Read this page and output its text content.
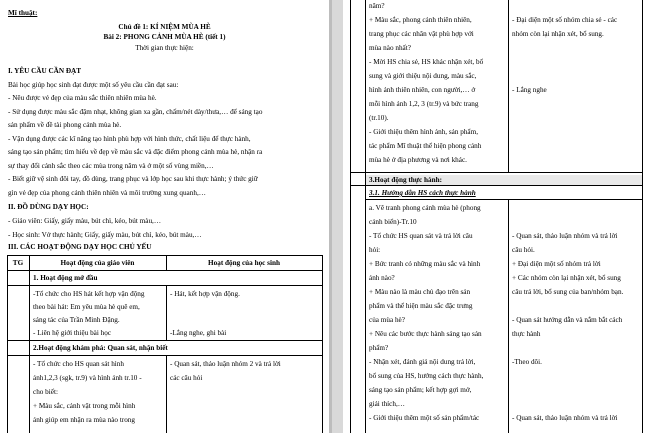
Mĩ thuật:
Chủ đề 1: KÍ NIỆM MÙA HÈ
Bài 2: PHONG CẢNH MÙA HÈ (tiết 1)
Thời gian thực hiện:
I. YÊU CẦU CẦN ĐẠT
Bài học giúp học sinh đạt được một số yêu cầu cần đạt sau:
- Nêu được vẻ đẹp của màu sắc thiên nhiên mùa hè.
- Sử dụng được màu sắc đậm nhạt, không gian xa gần, chấm/nét dày/thưa,… để sáng tạo
sản phẩm về đề tài phong cảnh mùa hè.
- Vận dụng được các kĩ năng tạo hình phù hợp với hình thức, chất liệu để thực hành,
sáng tạo sản phẩm; tìm hiểu về đẹp về màu sắc và đặc điểm phong cảnh mùa hè, nhận ra
sự thay đổi cảnh sắc theo các mùa trong năm và ở một số vùng miền,…
- Biết giữ vệ sinh đôi tay, đồ dùng, trang phục và lớp học sau khi thực hành; ý thức giữ
gìn vẻ đẹp của phong cảnh thiên nhiên và môi trường xung quanh,…
II. ĐỒ DÙNG DẠY HỌC:
- Giáo viên: Giấy, giấy màu, bút chì, kéo, bút màu,…
- Học sinh: Vở thực hành; Giấy, giấy màu, bút chì, kéo, bút màu,…
III. CÁC HOẠT ĐỘNG DẠY HỌC CHỦ YẾU
TG	Hoạt động của giáo viên	Hoạt động của học sinh
1. Hoạt động mở đầu
-Tổ chức cho HS hát kết hợp vận động
theo bài hát: Em yêu mùa hè quê em,
sáng tác của Trần Minh Đặng.
- Liên hệ giới thiệu bài học
- Hát, kết hợp vận động.
-Lắng nghe, ghi bài
2.Hoạt động khám phá: Quan sát, nhận biết
- Tổ chức cho HS quan sát hình
ảnh1,2,3 (sgk, tr.9) và hình ảnh tr.10 -
cho biết:
+ Màu sắc, cảnh vật trong mỗi hình
ảnh giúp em nhận ra mùa nào trong
- Quan sát, thảo luận nhóm 2 và trả lời
các câu hỏi
năm?
+ Màu sắc, phong cảnh thiên nhiên,
trang phục các nhân vật phù hợp với
mùa nào nhất?
- Mời HS chia sẻ, HS khác nhận xét, bổ
sung và giới thiệu nội dung, màu sắc,
hình ảnh thiên nhiên, con người,… ở
mỗi hình ảnh 1,2, 3 (tr.9) và bức trang
(tr.10).
- Giới thiệu thêm hình ảnh, sản phẩm,
tác phẩm Mĩ thuật thể hiện phong cảnh
mùa hè ở địa phương và nơi khác.
- Đại diện một số nhóm chia sẻ - các
nhóm còn lại nhận xét, bổ sung.
- Lắng nghe
3.Hoạt động thực hành:
3.1. Hướng dẫn HS cách thực hành
a. Vẽ tranh phong cảnh mùa hè (phong
cảnh biển)-Tr.10
- Tổ chức HS quan sát và trả lời câu
hỏi:
+ Bức tranh có những màu sắc và hình
ảnh nào?
+ Màu nào là màu chủ đạo trên sản
phẩm và thể hiện màu sắc đặc trưng
của mùa hè?
+ Nêu các bước thực hành sáng tạo sản
phẩm?
- Nhận xét, đánh giá nội dung trả lời,
bổ sung của HS, hướng cách thực hành,
sáng tạo sản phẩm; kết hợp gợi mở,
giải thích,…
- Giới thiệu thêm một số sản phẩm/tác
- Quan sát, thảo luận nhóm và trả lời
câu hỏi.
+ Đại diện một số nhóm trả lời
+ Các nhóm còn lại nhận xét, bổ sung
câu trả lời, bổ sung của ban/nhóm bạn.
- Quan sát hướng dẫn và nắm bắt cách
thực hành
-Theo dõi.
- Quan sát, thảo luận nhóm và trả lời
